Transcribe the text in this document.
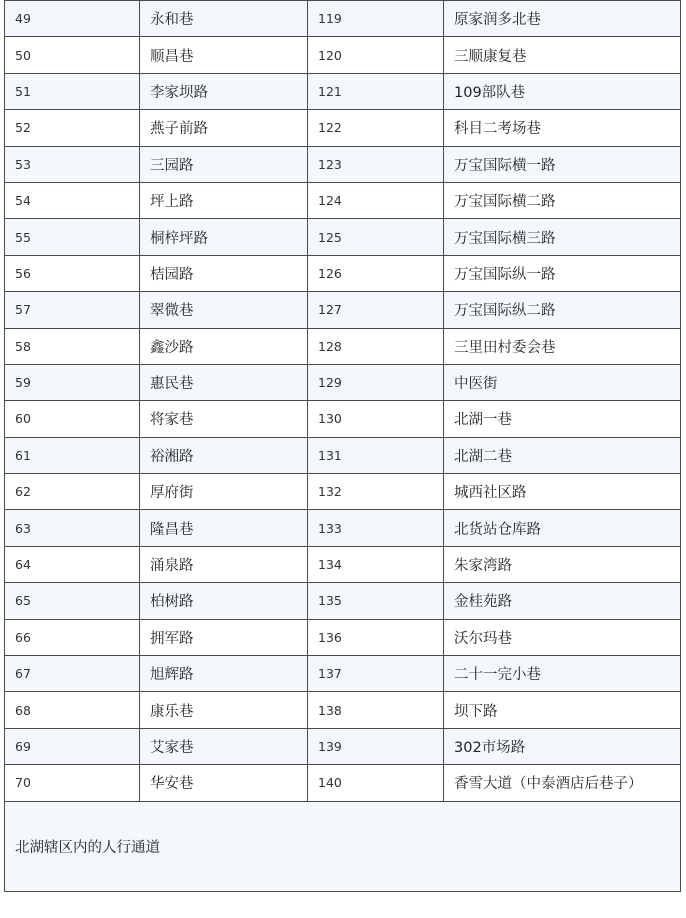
49	永和巷	119	原家润多北巷
50	顺昌巷	120	三顺康复巷
51	李家坝路	121	109部队巷
52	燕子前路	122	科目二考场巷
53	三园路	123	万宝国际横一路
54	坪上路	124	万宝国际横二路
55	桐梓坪路	125	万宝国际横三路
56	桔园路	126	万宝国际纵一路
57	翠微巷	127	万宝国际纵二路
58	鑫沙路	128	三里田村委会巷
59	惠民巷	129	中医街
60	将家巷	130	北湖一巷
61	裕湘路	131	北湖二巷
62	厚府街	132	城西社区路
63	隆昌巷	133	北货站仓库路
64	涌泉路	134	朱家湾路
65	柏树路	135	金桂苑路
66	拥军路	136	沃尔玛巷
67	旭辉路	137	二十一完小巷
68	康乐巷	138	坝下路
69	艾家巷	139	302市场路
70	华安巷	140	香雪大道（中泰酒店后巷子）
北湖辖区内的人行通道			
